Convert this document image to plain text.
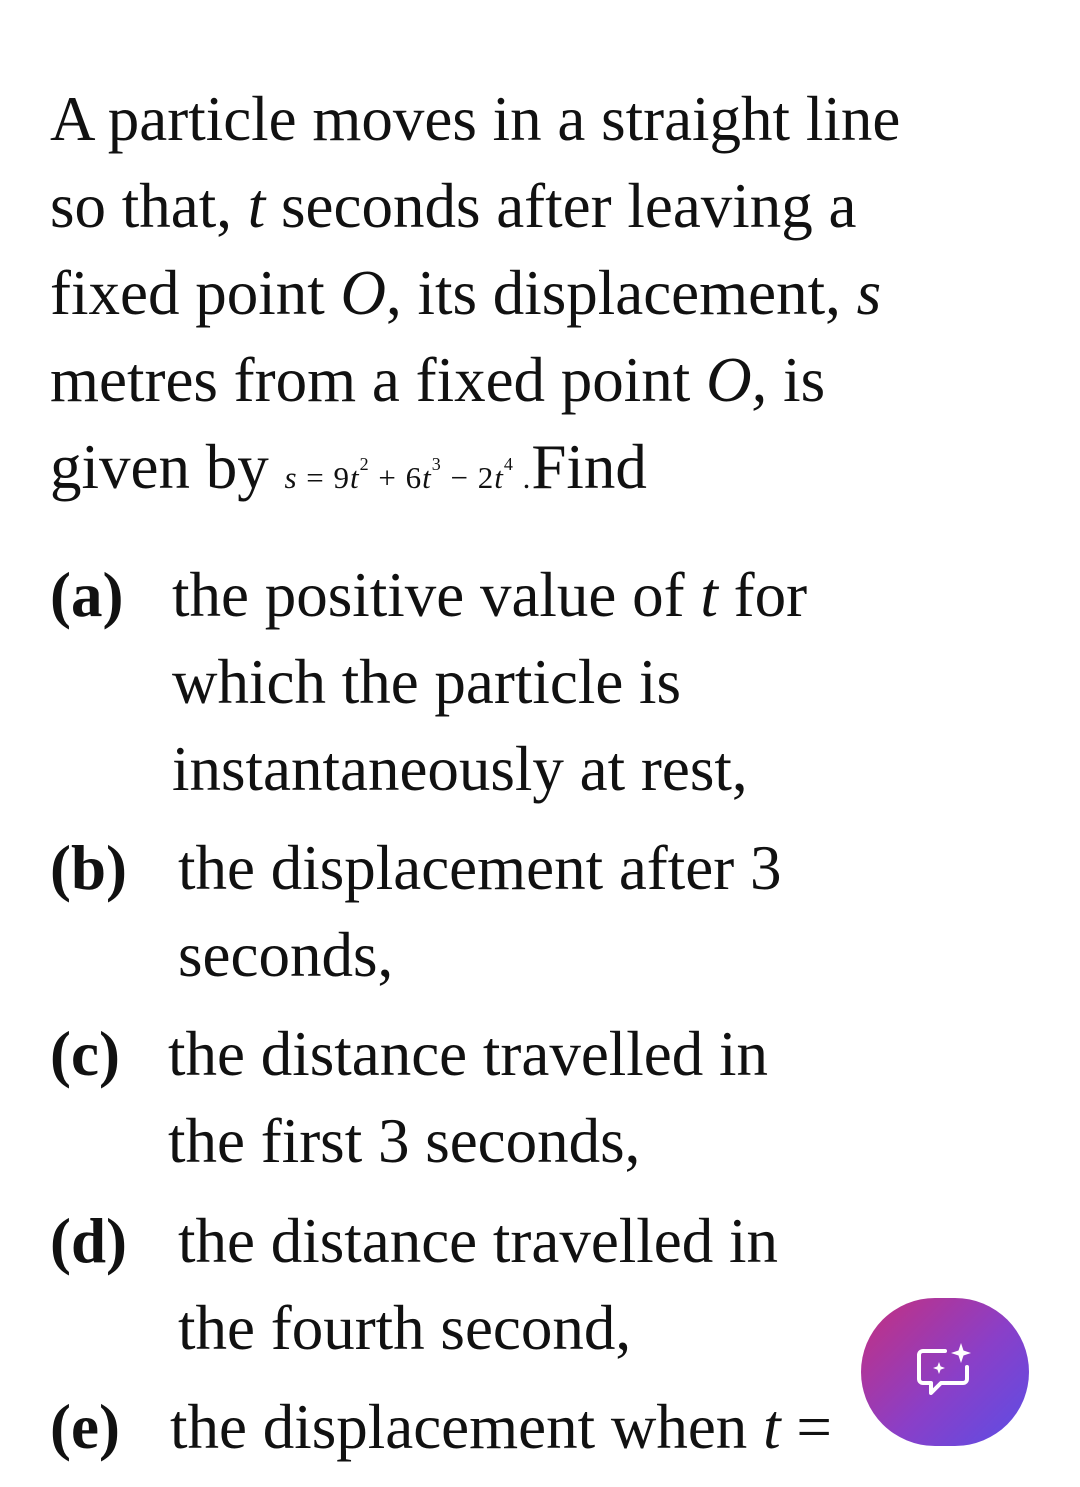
A particle moves in a straight line
so that, t seconds after leaving a
fixed point O, its displacement, s
metres from a fixed point O, is
given by $s = 9t^2 + 6t^3 - 2t^4$ .Find
(a) the positive value of t for
which the particle is
instantaneously at rest,
(b) the displacement after 3
seconds,
(c) the distance travelled in
the first 3 seconds,
(d) the distance travelled in
the fourth second,
(e) the displacement when t =
